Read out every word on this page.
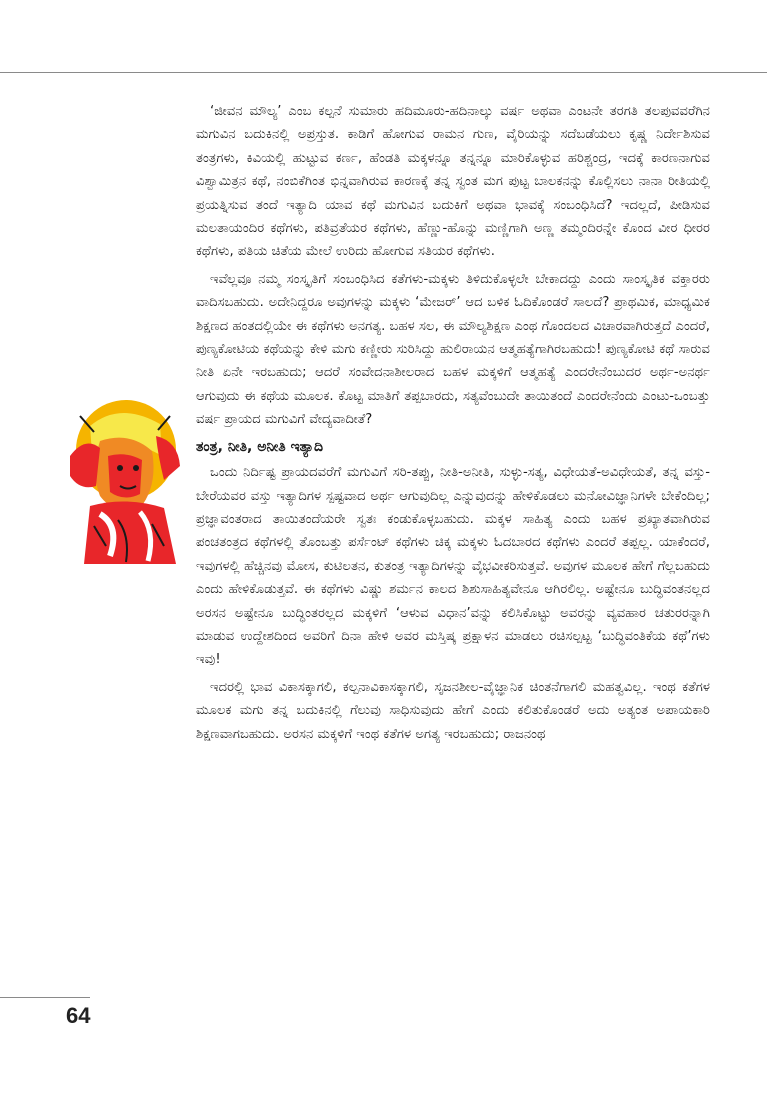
‘ಜೀವನ ಮೌಲ್ಯ’ ಎಂಬ ಕಲ್ಪನೆ ಸುಮಾರು ಹದಿಮೂರು-ಹದಿನಾಲ್ಕು ವರ್ಷ ಅಥವಾ ಎಂಟನೇ ತರಗತಿ ತಲಪುವವರೆಗಿನ ಮಗುವಿನ ಬದುಕಿನಲ್ಲಿ ಅಪ್ರಸ್ತುತ. ಕಾಡಿಗೆ ಹೋಗುವ ರಾಮನ ಗುಣ, ವೈರಿಯನ್ನು ಸದೆಬಡೆಯಲು ಕೃಷ್ಣ ನಿರ್ದೇಶಿಸುವ ತಂತ್ರಗಳು, ಕಿವಿಯಲ್ಲಿ ಹುಟ್ಟುವ ಕರ್ಣ, ಹೆಂಡತಿ ಮಕ್ಕಳನ್ನೂ ತನ್ನನ್ನೂ ಮಾರಿಕೊಳ್ಳುವ ಹರಿಶ್ಚಂದ್ರ, ಇದಕ್ಕೆ ಕಾರಣನಾಗುವ ವಿಶ್ವಾಮಿತ್ರನ ಕಥೆ, ನಂಬಿಕೆಗಿಂತ ಭಿನ್ನವಾಗಿರುವ ಕಾರಣಕ್ಕೆ ತನ್ನ ಸ್ವಂತ ಮಗ ಪುಟ್ಟ ಬಾಲಕನನ್ನು ಕೊಲ್ಲಿಸಲು ನಾನಾ ರೀತಿಯಲ್ಲಿ ಪ್ರಯತ್ನಿಸುವ ತಂದೆ ಇತ್ಯಾದಿ ಯಾವ ಕಥೆ ಮಗುವಿನ ಬದುಕಿಗೆ ಅಥವಾ ಭಾವಕ್ಕೆ ಸಂಬಂಧಿಸಿದೆ? ಇದಲ್ಲದೆ, ಪೀಡಿಸುವ ಮಲತಾಯಂದಿರ ಕಥೆಗಳು, ಪತಿವ್ರತೆಯರ ಕಥೆಗಳು, ಹೆಣ್ಣು-ಹೊನ್ನು ಮಣ್ಣಿಗಾಗಿ ಅಣ್ಣ ತಮ್ಮಂದಿರನ್ನೇ ಕೊಂದ ವೀರ ಧೀರರ ಕಥೆಗಳು, ಪತಿಯ ಚಿತೆಯ ಮೇಲೆ ಉರಿದು ಹೋಗುವ ಸತಿಯರ ಕಥೆಗಳು.

ಇವೆಲ್ಲವೂ ನಮ್ಮ ಸಂಸ್ಕೃತಿಗೆ ಸಂಬಂಧಿಸಿದ ಕತೆಗಳು-ಮಕ್ಕಳು ತಿಳಿದುಕೊಳ್ಳಲೇ ಬೇಕಾದದ್ದು ಎಂದು ಸಾಂಸ್ಕೃತಿಕ ವಕ್ತಾರರು ವಾದಿಸಬಹುದು. ಅದೇನಿದ್ದರೂ ಅವುಗಳನ್ನು ಮಕ್ಕಳು ‘ಮೇಜರ್’ ಆದ ಬಳಿಕ ಓದಿಕೊಂಡರೆ ಸಾಲದೆ? ಪ್ರಾಥಮಿಕ, ಮಾಧ್ಯಮಿಕ ಶಿಕ್ಷಣದ ಹಂತದಲ್ಲಿಯೇ ಈ ಕಥೆಗಳು ಅನಗತ್ಯ. ಬಹಳ ಸಲ, ಈ ಮೌಲ್ಯಶಿಕ್ಷಣ ಎಂಥ ಗೊಂದಲದ ವಿಚಾರವಾಗಿರುತ್ತದೆ ಎಂದರೆ, ಪುಣ್ಯಕೋಟಿಯ ಕಥೆಯನ್ನು ಕೇಳಿ ಮಗು ಕಣ್ಣೀರು ಸುರಿಸಿದ್ದು ಹುಲಿರಾಯನ ಆತ್ಮಹತ್ಯೆಗಾಗಿರಬಹುದು! ಪುಣ್ಯಕೋಟಿ ಕಥೆ ಸಾರುವ ನೀತಿ ಏನೇ ಇರಬಹುದು; ಆದರೆ ಸಂವೇದನಾಶೀಲರಾದ ಬಹಳ ಮಕ್ಕಳಿಗೆ ಆತ್ಮಹತ್ಯೆ ಎಂದರೇನೆಂಬುದರ ಅರ್ಥ-ಅನರ್ಥ ಆಗುವುದು ಈ ಕಥೆಯ ಮೂಲಕ. ಕೊಟ್ಟ ಮಾತಿಗೆ ತಪ್ಪಬಾರದು, ಸತ್ಯವೆಂಬುದೇ ತಾಯಿತಂದೆ ಎಂದರೇನೆಂದು ಎಂಟು-ಒಂಬತ್ತು ವರ್ಷ ಪ್ರಾಯದ ಮಗುವಿಗೆ ವೇದ್ಯವಾದೀತೆ?

ತಂತ್ರ, ನೀತಿ, ಅನೀತಿ ಇತ್ಯಾದಿ

ಒಂದು ನಿರ್ದಿಷ್ಟ ಪ್ರಾಯದವರೆಗೆ ಮಗುವಿಗೆ ಸರಿ-ತಪ್ಪು, ನೀತಿ-ಅನೀತಿ, ಸುಳ್ಳು-ಸತ್ಯ, ವಿಧೇಯತೆ-ಅವಿಧೇಯತೆ, ತನ್ನ ವಸ್ತು- ಬೇರೆಯವರ ವಸ್ತು ಇತ್ಯಾದಿಗಳ ಸ್ಪಷ್ಟವಾದ ಅರ್ಥ ಆಗುವುದಿಲ್ಲ ಎನ್ನುವುದನ್ನು ಹೇಳಿಕೊಡಲು ಮನೋವಿಜ್ಞಾನಿಗಳೇ ಬೇಕೆಂದಿಲ್ಲ; ಪ್ರಜ್ಞಾವಂತರಾದ ತಾಯಿತಂದೆಯರೇ ಸ್ವತಃ ಕಂಡುಕೊಳ್ಳಬಹುದು. ಮಕ್ಕಳ ಸಾಹಿತ್ಯ ಎಂದು ಬಹಳ ಪ್ರಖ್ಯಾತವಾಗಿರುವ ಪಂಚತಂತ್ರದ ಕಥೆಗಳಲ್ಲಿ ತೊಂಬತ್ತು ಪರ್ಸೆಂಟ್ ಕಥೆಗಳು ಚಿಕ್ಕ ಮಕ್ಕಳು ಓದಬಾರದ ಕಥೆಗಳು ಎಂದರೆ ತಪ್ಪಲ್ಲ. ಯಾಕೆಂದರೆ, ಇವುಗಳಲ್ಲಿ ಹೆಚ್ಚಿನವು ಮೋಸ, ಕುಟಿಲತನ, ಕುತಂತ್ರ ಇತ್ಯಾದಿಗಳನ್ನು ವೈಭವೀಕರಿಸುತ್ತವೆ. ಅವುಗಳ ಮೂಲಕ ಹೇಗೆ ಗೆಲ್ಲಬಹುದು ಎಂದು ಹೇಳಿಕೊಡುತ್ತವೆ. ಈ ಕಥೆಗಳು ವಿಷ್ಣು ಶರ್ಮನ ಕಾಲದ ಶಿಶುಸಾಹಿತ್ಯವೇನೂ ಆಗಿರಲಿಲ್ಲ. ಅಷ್ಟೇನೂ ಬುದ್ಧಿವಂತನಲ್ಲದ ಅರಸನ ಅಷ್ಟೇನೂ ಬುದ್ಧಿಂತರಲ್ಲದ ಮಕ್ಕಳಿಗೆ ‘ಆಳುವ ವಿಧಾನ’ವನ್ನು ಕಲಿಸಿಕೊಟ್ಟು ಅವರನ್ನು ವ್ಯವಹಾರ ಚತುರರನ್ನಾಗಿ ಮಾಡುವ ಉದ್ದೇಶದಿಂದ ಅವರಿಗೆ ದಿನಾ ಹೇಳಿ ಅವರ ಮಸ್ತಿಷ್ಕ ಪ್ರಕ್ಷಾಳನ ಮಾಡಲು ರಚಿಸಲ್ಪಟ್ಟ ‘ಬುದ್ಧಿವಂತಿಕೆಯ ಕಥೆ’ಗಳು ಇವು!

ಇದರಲ್ಲಿ ಭಾವ ವಿಕಾಸಕ್ಕಾಗಲಿ, ಕಲ್ಪನಾವಿಕಾಸಕ್ಕಾಗಲಿ, ಸೃಜನಶೀಲ-ವೈಜ್ಞಾನಿಕ ಚಿಂತನೆಗಾಗಲಿ ಮಹತ್ವವಿಲ್ಲ. ಇಂಥ ಕತೆಗಳ ಮೂಲಕ ಮಗು ತನ್ನ ಬದುಕಿನಲ್ಲಿ ಗೆಲುವು ಸಾಧಿಸುವುದು ಹೇಗೆ ಎಂದು ಕಲಿತುಕೊಂಡರೆ ಅದು ಅತ್ಯಂತ ಅಪಾಯಕಾರಿ ಶಿಕ್ಷಣವಾಗಬಹುದು. ಅರಸನ ಮಕ್ಕಳಿಗೆ ಇಂಥ ಕತೆಗಳ ಅಗತ್ಯ ಇರಬಹುದು; ರಾಜನಂಥ

64
